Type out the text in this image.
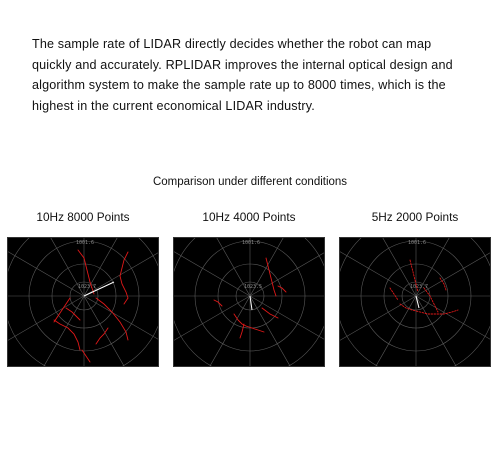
The sample rate of LIDAR directly decides whether the robot can map quickly and accurately. RPLIDAR improves the internal optical design and algorithm system to make the sample rate up to 8000 times, which is the highest in the current economical LIDAR industry.

Comparison under different conditions

10Hz 8000 Points

1001.6
1023.7

10Hz 4000 Points

1001.6
1023.5

5Hz 2000 Points

1001.6
1023.7
